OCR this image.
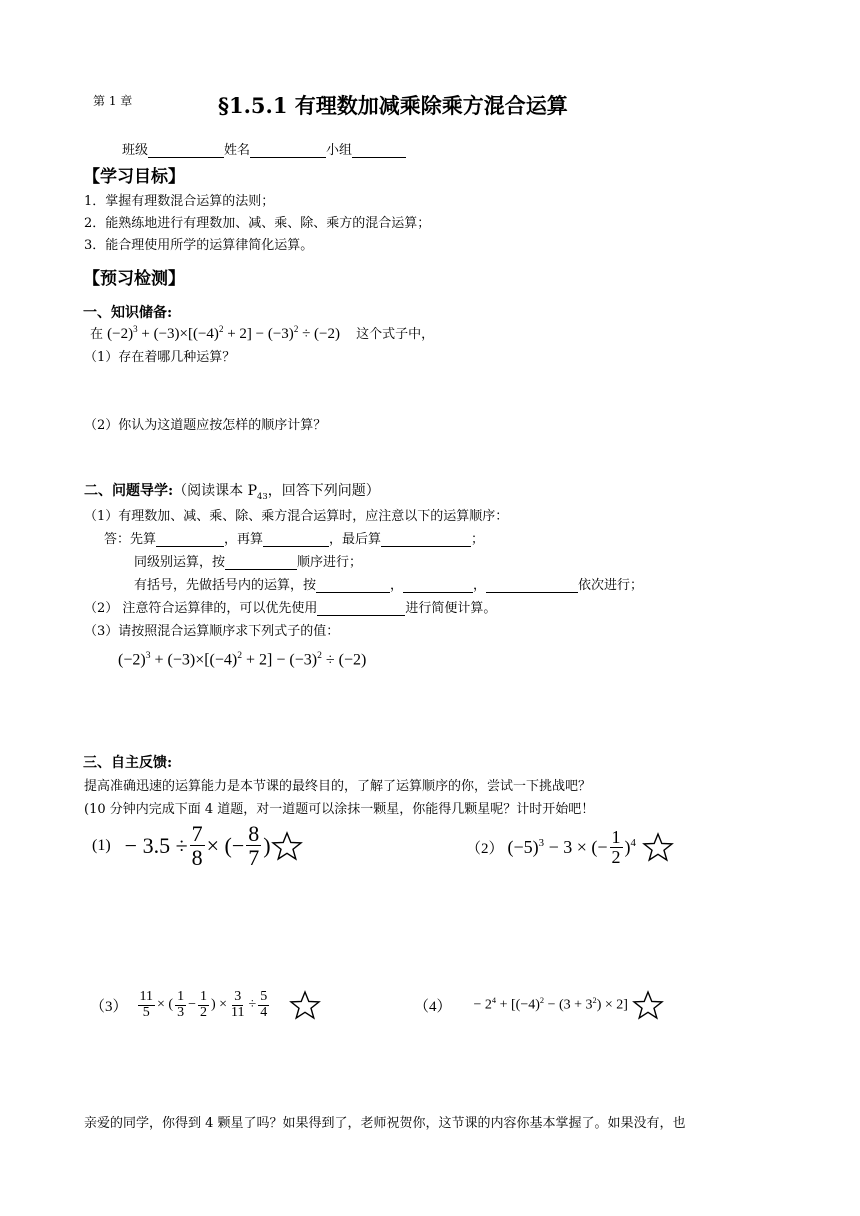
第 1 章	§1.5.1 有理数加减乘除乘方混合运算
班级	姓名	小组
【学习目标】
1．掌握有理数混合运算的法则；
2．能熟练地进行有理数加、减、乘、除、乘方的混合运算；
3．能合理使用所学的运算律简化运算。
【预习检测】
一、知识储备:
在 $(-2)^3 + (-3)\times[(-4)^2 + 2] - (-3)^2 \div (-2)$ 这个式子中，
（1）存在着哪几种运算？
（2）你认为这道题应按怎样的顺序计算？
二、问题导学:（阅读课本 $P_{43}$，回答下列问题）
（1）有理数加、减、乘、除、乘方混合运算时，应注意以下的运算顺序：
答：先算	，再算	，最后算	；
同级别运算，按	顺序进行；
有括号，先做括号内的运算，按	，	，	依次进行；
（2） 注意符合运算律的，可以优先使用	进行简便计算。
（3）请按照混合运算顺序求下列式子的值：
$(-2)^3 + (-3)\times[(-4)^2 + 2] - (-3)^2 \div (-2)$
三、自主反馈:
提高准确迅速的运算能力是本节课的最终目的，了解了运算顺序的你，尝试一下挑战吧？
(10 分钟内完成下面 4 道题，对一道题可以涂抹一颗星，你能得几颗星呢？计时开始吧！
$(1) - 3.5 \div \frac{7}{8}$ × (− $\frac{8}{7}$ )	（2） $(-5)^3 - 3$ × (− $\frac{1}{2} )^4$
$(3) \frac{11}{5}$ × ( $\frac{1}{3} - \frac{1}{2}$ ) × $\frac{3}{11} \div \frac{5}{4}$	$(4) - 2^4 + [(-4)^2 - (3 + 3^2) \times 2]$
亲爱的同学，你得到 4 颗星了吗？如果得到了，老师祝贺你，这节课的内容你基本掌握了。如果没有，也
